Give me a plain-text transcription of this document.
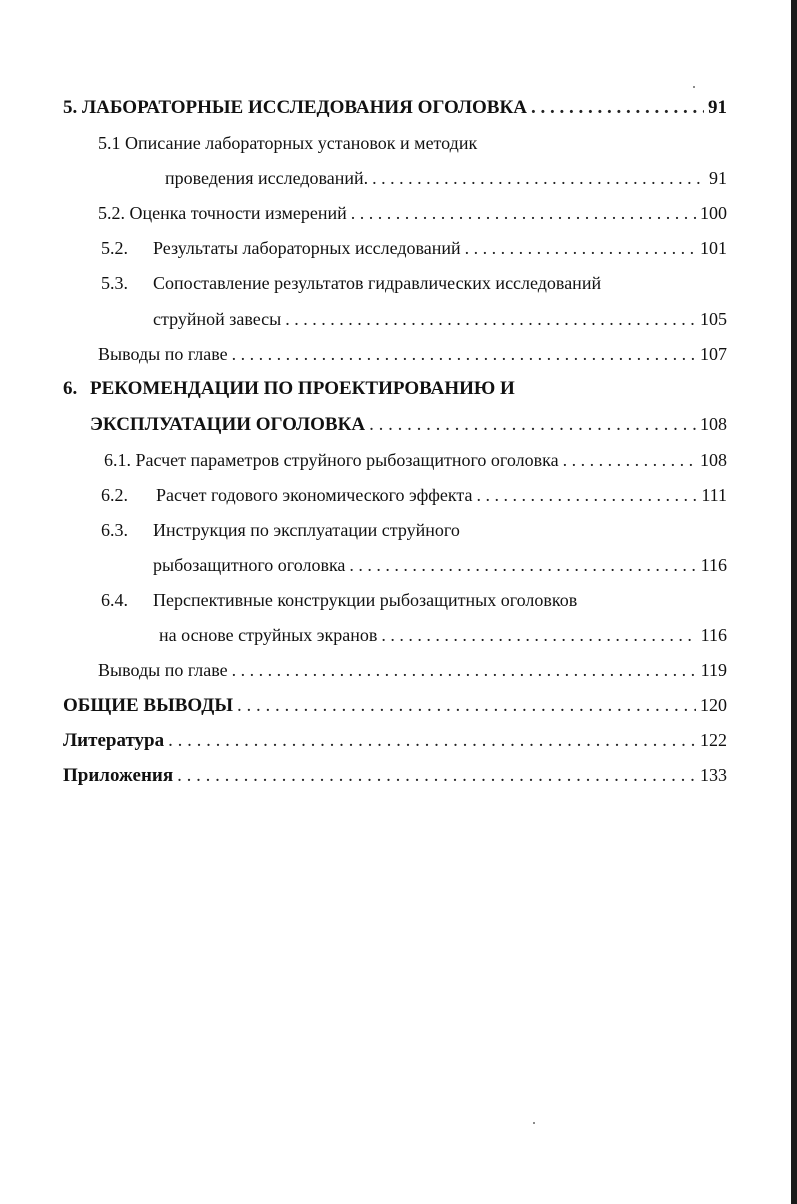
5. ЛАБОРАТОРНЫЕ ИССЛЕДОВАНИЯ ОГОЛОВКА . . .	91
5.1 Описание лабораторных установок и методик
проведения исследований. . . .	91
5.2. Оценка точности измерений . . .	100
5.2.	Результаты лабораторных исследований . . .	101
5.3.	Сопоставление результатов гидравлических исследований
струйной завесы . . .	105
Выводы по главе . . .	107
6. РЕКОМЕНДАЦИИ ПО ПРОЕКТИРОВАНИЮ И
ЭКСПЛУАТАЦИИ ОГОЛОВКА . . .	108
6.1. Расчет параметров струйного рыбозащитного оголовка . . .	108
6.2.	Расчет годового экономического эффекта . . .	111
6.3.	Инструкция по эксплуатации струйного
рыбозащитного оголовка . . .	116
6.4.	Перспективные конструкции рыбозащитных оголовков
на основе струйных экранов . . .	116
Выводы по главе . . .	119
ОБЩИЕ ВЫВОДЫ . . .	120
Литература . . .	122
Приложения . . .	133
